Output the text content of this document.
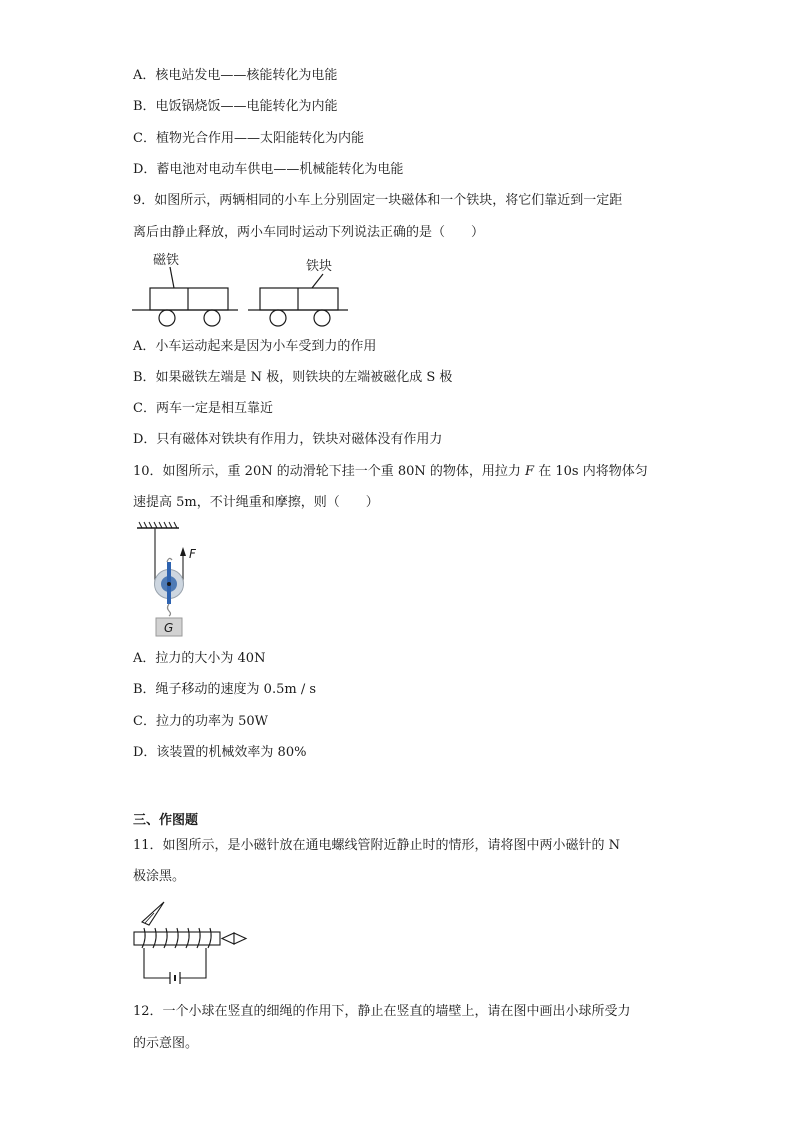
A．核电站发电——核能转化为电能
B．电饭锅烧饭——电能转化为内能
C．植物光合作用——太阳能转化为内能
D．蓄电池对电动车供电——机械能转化为电能
9．如图所示，两辆相同的小车上分别固定一块磁体和一个铁块，将它们靠近到一定距
离后由静止释放，两小车同时运动下列说法正确的是（　　）
磁铁	铁块
A．小车运动起来是因为小车受到力的作用
B．如果磁铁左端是 N 极，则铁块的左端被磁化成 S 极
C．两车一定是相互靠近
D．只有磁体对铁块有作用力，铁块对磁体没有作用力
10．如图所示，重 20N 的动滑轮下挂一个重 80N 的物体，用拉力 F 在 10s 内将物体匀
速提高 5m，不计绳重和摩擦，则（　　）
F
G
A．拉力的大小为 40N
B．绳子移动的速度为 0.5m / s
C．拉力的功率为 50W
D．该装置的机械效率为 80%
三、作图题
11．如图所示，是小磁针放在通电螺线管附近静止时的情形，请将图中两小磁针的 N
极涂黑。
12．一个小球在竖直的细绳的作用下，静止在竖直的墙壁上，请在图中画出小球所受力
的示意图。
